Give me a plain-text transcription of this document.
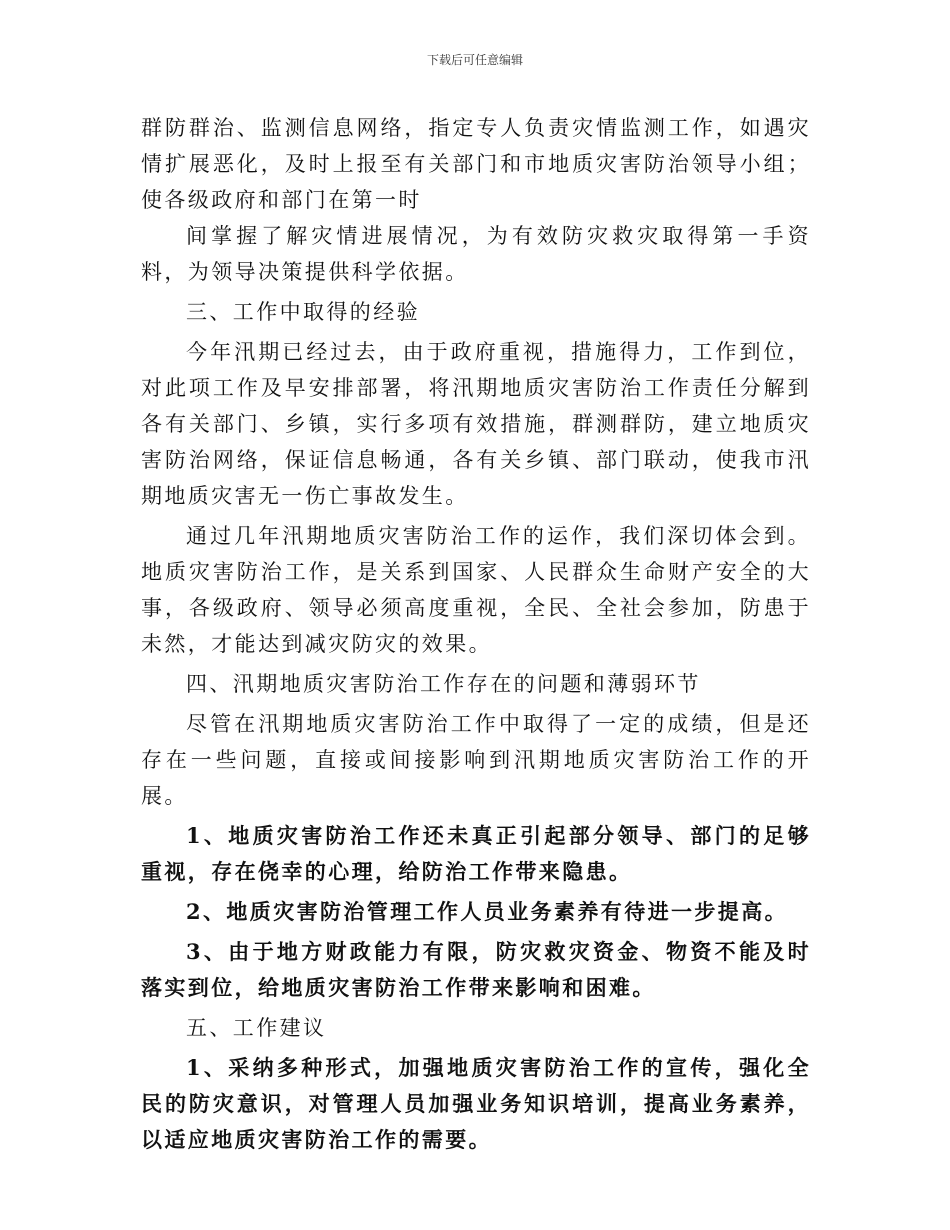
下载后可任意编辑

群防群治、监测信息网络，指定专人负责灾情监测工作，如遇灾情扩展恶化，及时上报至有关部门和市地质灾害防治领导小组；使各级政府和部门在第一时

间掌握了解灾情进展情况，为有效防灾救灾取得第一手资料，为领导决策提供科学依据。

三、工作中取得的经验

今年汛期已经过去，由于政府重视，措施得力，工作到位，对此项工作及早安排部署，将汛期地质灾害防治工作责任分解到各有关部门、乡镇，实行多项有效措施，群测群防，建立地质灾害防治网络，保证信息畅通，各有关乡镇、部门联动，使我市汛期地质灾害无一伤亡事故发生。

通过几年汛期地质灾害防治工作的运作，我们深切体会到。地质灾害防治工作，是关系到国家、人民群众生命财产安全的大事，各级政府、领导必须高度重视，全民、全社会参加，防患于未然，才能达到减灾防灾的效果。

四、汛期地质灾害防治工作存在的问题和薄弱环节

尽管在汛期地质灾害防治工作中取得了一定的成绩，但是还存在一些问题，直接或间接影响到汛期地质灾害防治工作的开展。

1、地质灾害防治工作还未真正引起部分领导、部门的足够重视，存在侥幸的心理，给防治工作带来隐患。

2、地质灾害防治管理工作人员业务素养有待进一步提高。

3、由于地方财政能力有限，防灾救灾资金、物资不能及时落实到位，给地质灾害防治工作带来影响和困难。

五、工作建议

1、采纳多种形式，加强地质灾害防治工作的宣传，强化全民的防灾意识，对管理人员加强业务知识培训，提高业务素养，以适应地质灾害防治工作的需要。
